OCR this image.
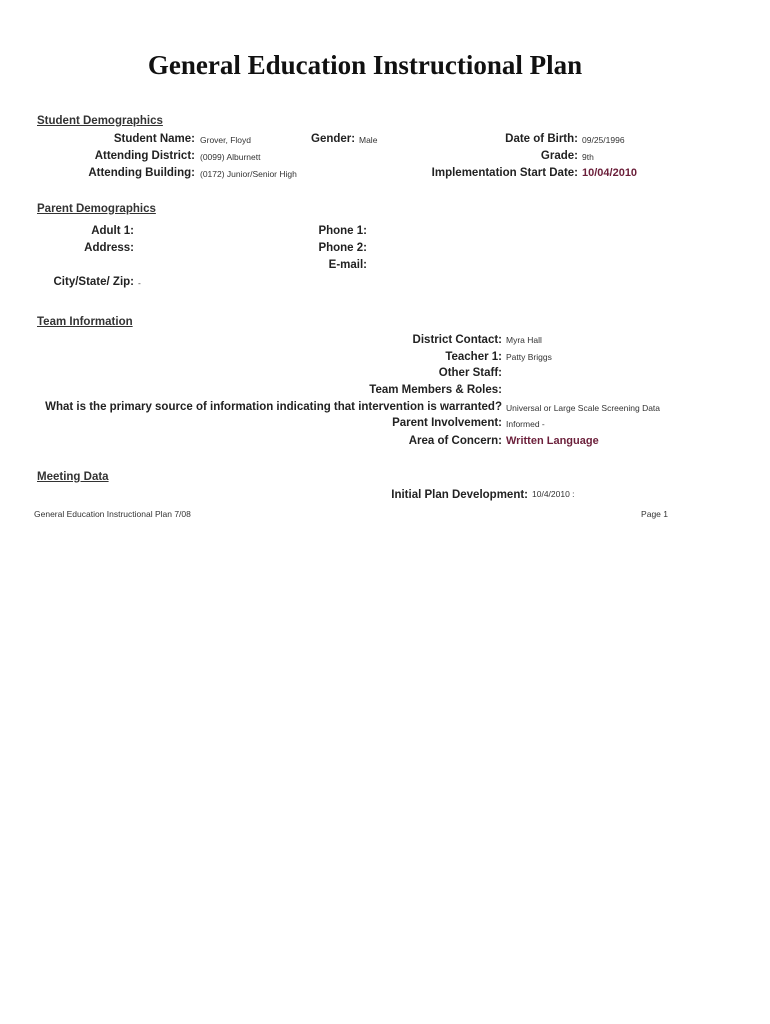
General Education Instructional Plan
Student Demographics
Student Name: Grover, Floyd	Gender: Male	Date of Birth: 09/25/1996
Attending District: (0099) Alburnett	Grade: 9th
Attending Building: (0172) Junior/Senior High	Implementation Start Date: 10/04/2010
Parent Demographics
Adult 1:
Address:
Phone 1:
Phone 2:
E-mail:
City/State/ Zip: -
Team Information
District Contact: Myra Hall
Teacher 1: Patty Briggs
Other Staff:
Team Members & Roles:
What is the primary source of information indicating that intervention is warranted? Universal or Large Scale Screening Data
Parent Involvement: Informed -
Area of Concern: Written Language
Meeting Data
Initial Plan Development: 10/4/2010 :
General Education Instructional Plan 7/08	Page 1
